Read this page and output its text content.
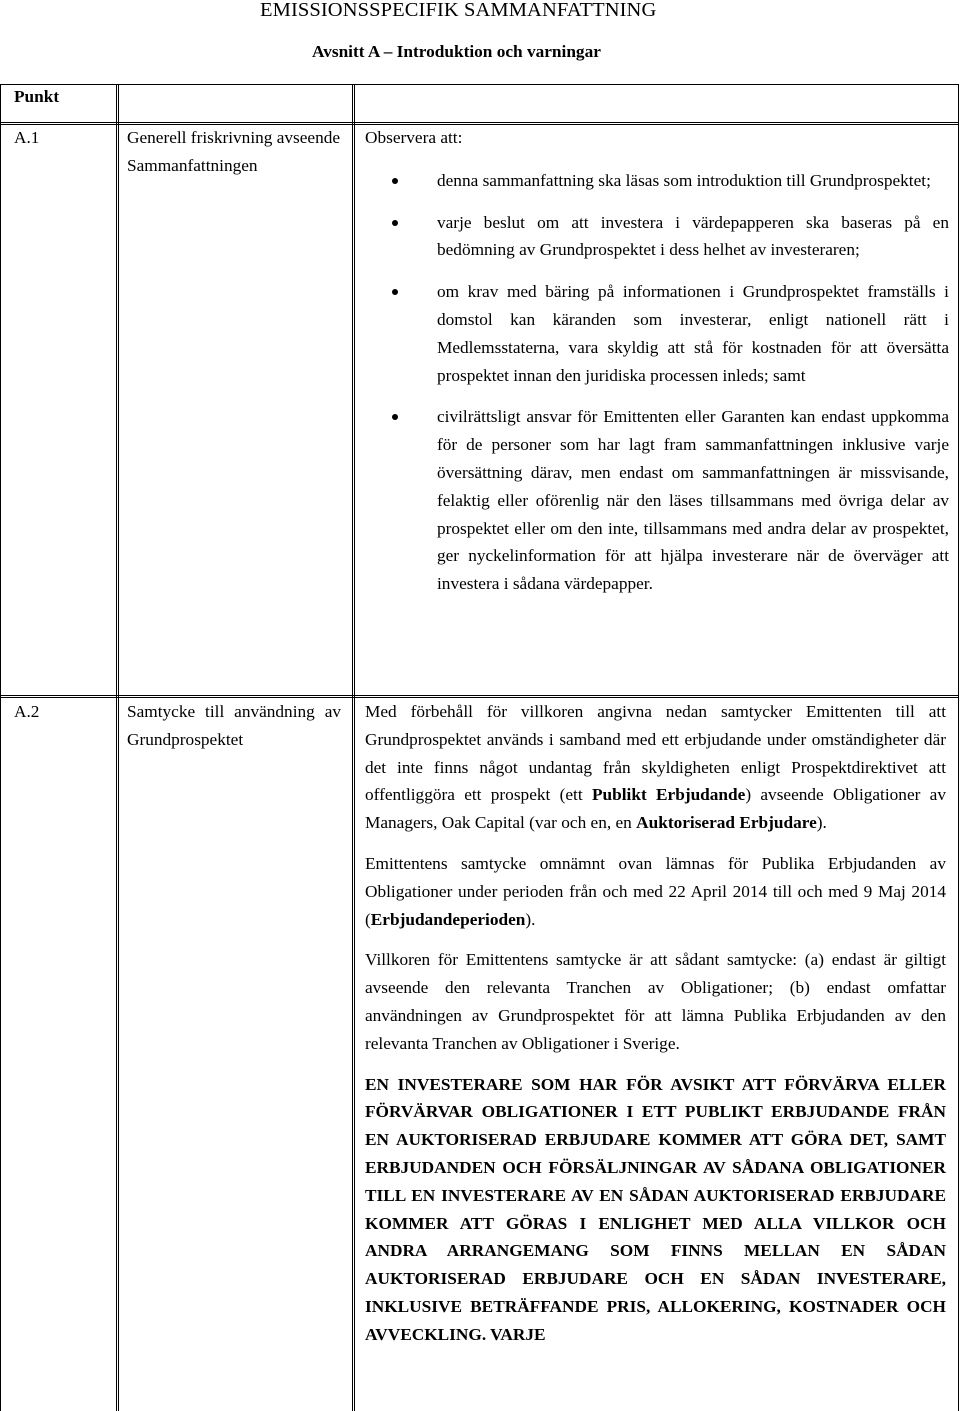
EMISSIONSSPECIFIK SAMMANFATTNING
Avsnitt A – Introduktion och varningar
Punkt
A.1	Generell friskrivning avseende Sammanfattningen

Observera att:

denna sammanfattning ska läsas som introduktion till Grundprospektet;

varje beslut om att investera i värdepapperen ska baseras på en bedömning av Grundprospektet i dess helhet av investeraren;

om krav med bäring på informationen i Grundprospektet framställs i domstol kan käranden som investerar, enligt nationell rätt i Medlemsstaterna, vara skyldig att stå för kostnaden för att översätta prospektet innan den juridiska processen inleds; samt

civilrättsligt ansvar för Emittenten eller Garanten kan endast uppkomma för de personer som har lagt fram sammanfattningen inklusive varje översättning därav, men endast om sammanfattningen är missvisande, felaktig eller oförenlig när den läses tillsammans med övriga delar av prospektet eller om den inte, tillsammans med andra delar av prospektet, ger nyckelinformation för att hjälpa investerare när de överväger att investera i sådana värdepapper.

A.2	Samtycke till användning av Grundprospektet

Med förbehåll för villkoren angivna nedan samtycker Emittenten till att Grundprospektet används i samband med ett erbjudande under omständigheter där det inte finns något undantag från skyldigheten enligt Prospektdirektivet att offentliggöra ett prospekt (ett Publikt Erbjudande) avseende Obligationer av Managers, Oak Capital (var och en, en Auktoriserad Erbjudare).

Emittentens samtycke omnämnt ovan lämnas för Publika Erbjudanden av Obligationer under perioden från och med 22 April 2014 till och med 9 Maj 2014 (Erbjudandeperioden).

Villkoren för Emittentens samtycke är att sådant samtycke: (a) endast är giltigt avseende den relevanta Tranchen av Obligationer; (b) endast omfattar användningen av Grundprospektet för att lämna Publika Erbjudanden av den relevanta Tranchen av Obligationer i Sverige.

EN INVESTERARE SOM HAR FÖR AVSIKT ATT FÖRVÄRVA ELLER FÖRVÄRVAR OBLIGATIONER I ETT PUBLIKT ERBJUDANDE FRÅN EN AUKTORISERAD ERBJUDARE KOMMER ATT GÖRA DET, SAMT ERBJUDANDEN OCH FÖRSÄLJNINGAR AV SÅDANA OBLIGATIONER TILL EN INVESTERARE AV EN SÅDAN AUKTORISERAD ERBJUDARE KOMMER ATT GÖRAS I ENLIGHET MED ALLA VILLKOR OCH ANDRA ARRANGEMANG SOM FINNS MELLAN EN SÅDAN AUKTORISERAD ERBJUDARE OCH EN SÅDAN INVESTERARE, INKLUSIVE BETRÄFFANDE PRIS, ALLOKERING, KOSTNADER OCH AVVECKLING. VARJE
